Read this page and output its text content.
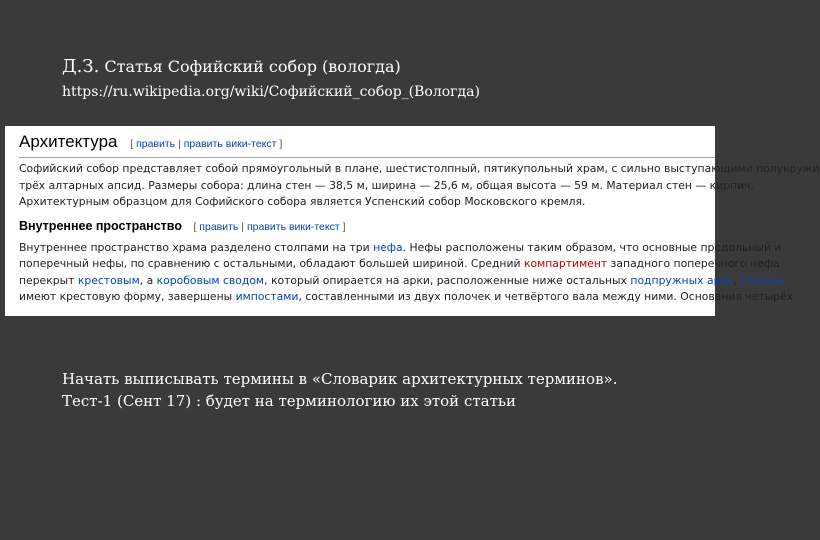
Д.З. Статья Софийский собор (вологда)
https://ru.wikipedia.org/wiki/Софийский_собор_(Вологда)
Архитектура [ править | править вики-текст ]
Софийский собор представляет собой прямоугольный в плане, шестистолпный, пятикупольный храм, с сильно выступающими полукружи
трёх алтарных апсид. Размеры собора: длина стен — 38,5 м, ширина — 25,6 м, общая высота — 59 м. Материал стен — кирпич.
Архитектурным образцом для Софийского собора является Успенский собор Московского кремля.
Внутреннее пространство [ править | править вики-текст ]
Внутреннее пространство храма разделено столпами на три нефа. Нефы расположены таким образом, что основные продольный и
поперечный нефы, по сравнению с остальными, обладают большей шириной. Средний компартимент западного поперечного нефа
перекрыт крестовым, а коробовым сводом, который опирается на арки, расположенные ниже остальных подпружных арок. Столпы
имеют крестовую форму, завершены импостами, составленными из двух полочек и четвёртого вала между ними. Основания четырёх
Начать выписывать термины в «Словарик архитектурных терминов».
Тест-1 (Сент 17) : будет на терминологию их этой статьи
